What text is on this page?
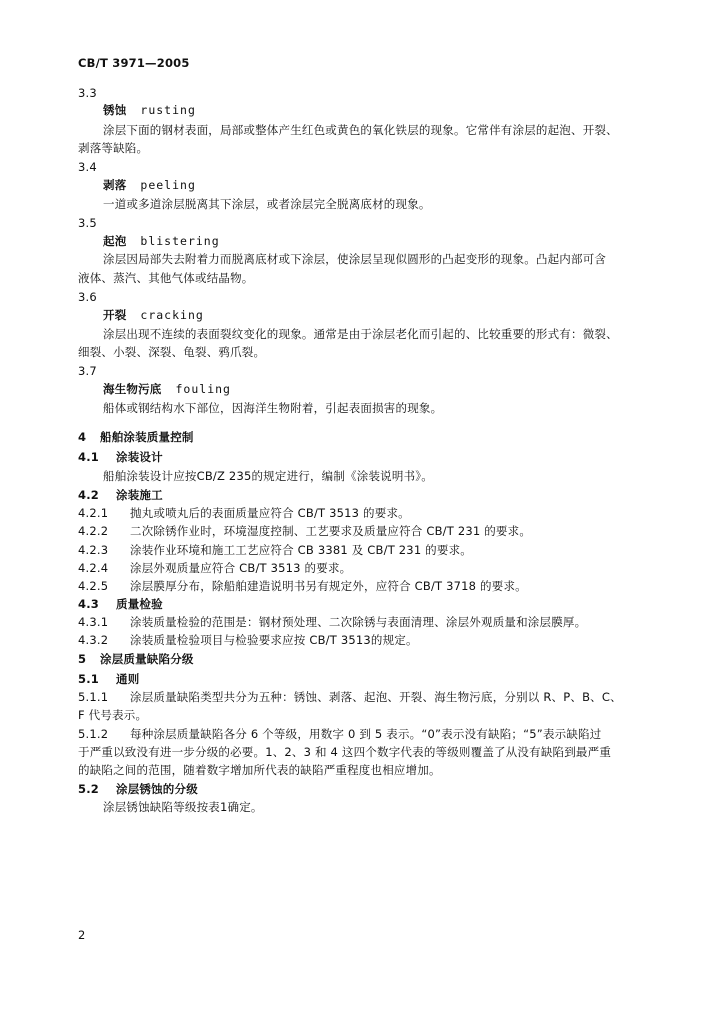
CB/T 3971—2005
3.3
锈蚀 rusting
涂层下面的钢材表面，局部或整体产生红色或黄色的氧化铁层的现象。它常伴有涂层的起泡、开裂、
剥落等缺陷。
3.4
剥落 peeling
一道或多道涂层脱离其下涂层，或者涂层完全脱离底材的现象。
3.5
起泡 blistering
涂层因局部失去附着力而脱离底材或下涂层，使涂层呈现似圆形的凸起变形的现象。凸起内部可含
液体、蒸汽、其他气体或结晶物。
3.6
开裂 cracking
涂层出现不连续的表面裂纹变化的现象。通常是由于涂层老化而引起的、比较重要的形式有：微裂、
细裂、小裂、深裂、龟裂、鸦爪裂。
3.7
海生物污底 fouling
船体或钢结构水下部位，因海洋生物附着，引起表面损害的现象。
4 船舶涂装质量控制
4.1 涂装设计
船舶涂装设计应按CB/Z 235的规定进行，编制《涂装说明书》。
4.2 涂装施工
4.2.1 抛丸或喷丸后的表面质量应符合 CB/T 3513 的要求。
4.2.2 二次除锈作业时，环境湿度控制、工艺要求及质量应符合 CB/T 231 的要求。
4.2.3 涂装作业环境和施工工艺应符合 CB 3381 及 CB/T 231 的要求。
4.2.4 涂层外观质量应符合 CB/T 3513 的要求。
4.2.5 涂层膜厚分布，除船舶建造说明书另有规定外，应符合 CB/T 3718 的要求。
4.3 质量检验
4.3.1 涂装质量检验的范围是：钢材预处理、二次除锈与表面清理、涂层外观质量和涂层膜厚。
4.3.2 涂装质量检验项目与检验要求应按 CB/T 3513的规定。
5 涂层质量缺陷分级
5.1 通则
5.1.1 涂层质量缺陷类型共分为五种：锈蚀、剥落、起泡、开裂、海生物污底，分别以 R、P、B、C、
F 代号表示。
5.1.2 每种涂层质量缺陷各分 6 个等级，用数字 0 到 5 表示。“0”表示没有缺陷；“5”表示缺陷过
于严重以致没有进一步分级的必要。1、2、3 和 4 这四个数字代表的等级则覆盖了从没有缺陷到最严重
的缺陷之间的范围，随着数字增加所代表的缺陷严重程度也相应增加。
5.2 涂层锈蚀的分级
涂层锈蚀缺陷等级按表1确定。
2
